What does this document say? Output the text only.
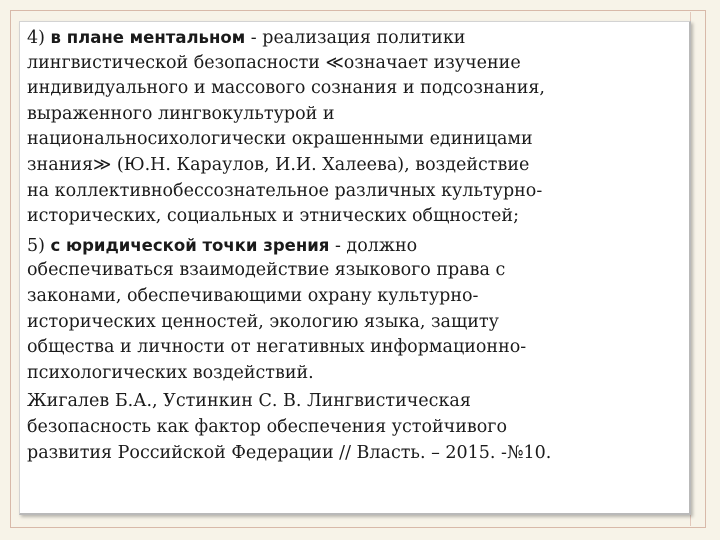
4) в плане ментальном - реализация политики
лингвистической безопасности ≪означает изучение
индивидуального и массового сознания и подсознания,
выраженного лингвокультурой и
национальносихологически окрашенными единицами
знания≫ (Ю.Н. Караулов, И.И. Халеева), воздействие
на коллективнобессознательное различных культурно-
исторических, социальных и этнических общностей;
5) с юридической точки зрения - должно
обеспечиваться взаимодействие языкового права с
законами, обеспечивающими охрану культурно-
исторических ценностей, экологию языка, защиту
общества и личности от негативных информационно-
психологических воздействий.
Жигалев Б.А., Устинкин С. В. Лингвистическая
безопасность как фактор обеспечения устойчивого
развития Российской Федерации // Власть. – 2015. -№10.
